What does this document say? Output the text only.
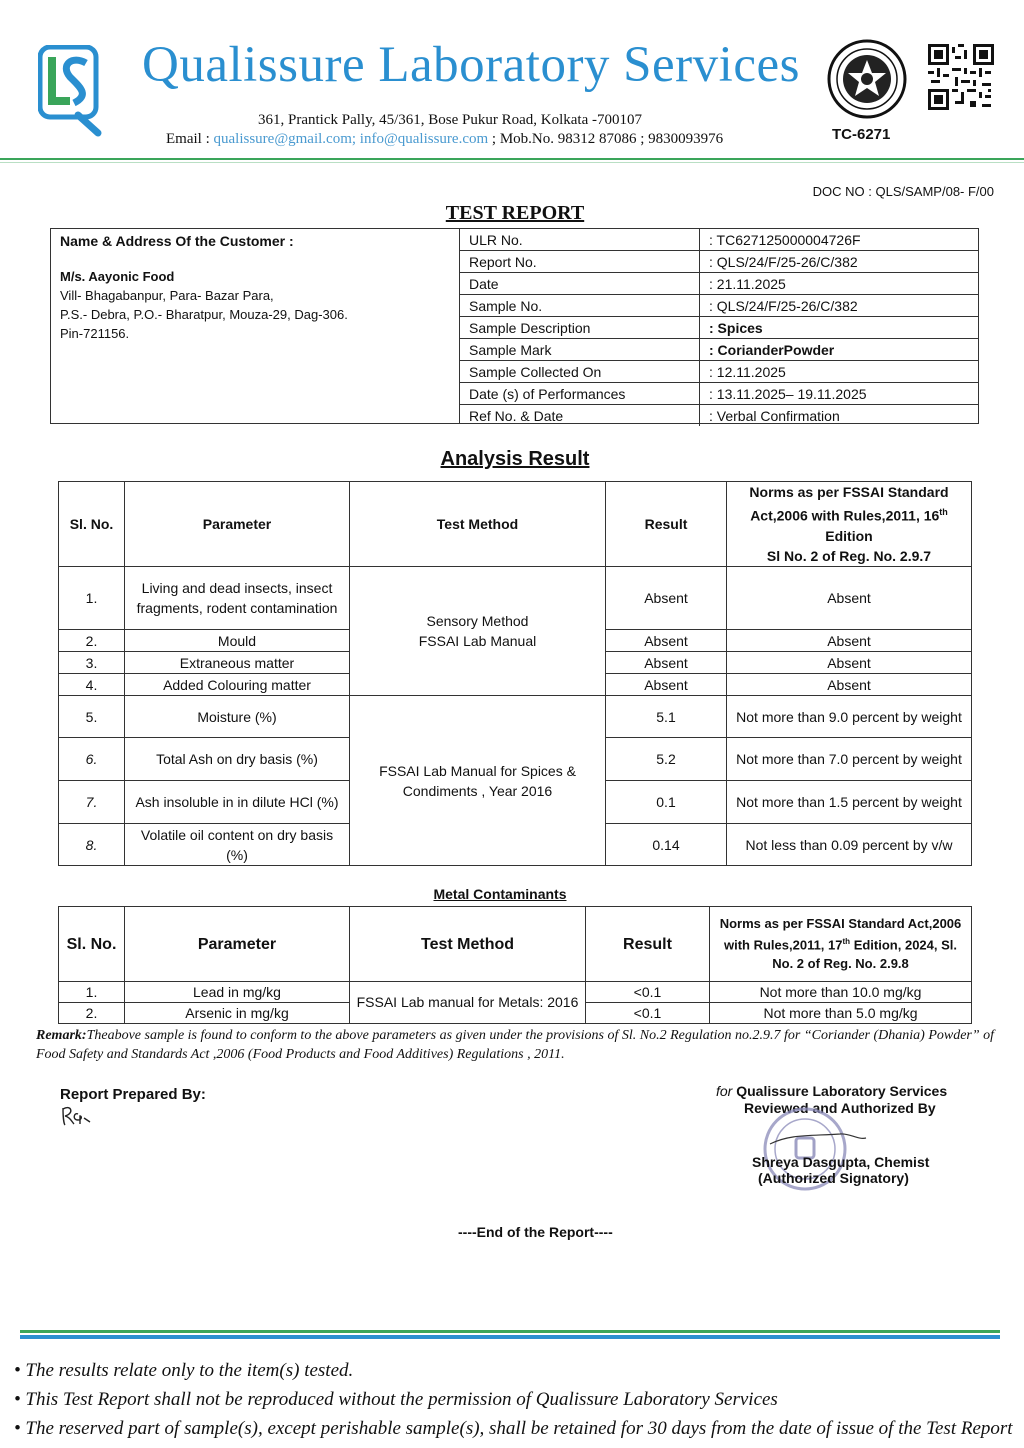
Qualissure Laboratory Services
361, Prantick Pally, 45/361, Bose Pukur Road, Kolkata -700107
Email : qualissure@gmail.com; info@qualissure.com ; Mob.No. 98312 87086 ; 9830093976	TC-6271
DOC NO : QLS/SAMP/08- F/00
TEST REPORT
Name & Address Of the Customer :
M/s. Aayonic Food
Vill- Bhagabanpur, Para- Bazar Para,
P.S.- Debra, P.O.- Bharatpur, Mouza-29, Dag-306.
Pin-721156.
ULR No.	: TC627125000004726F
Report No.	: QLS/24/F/25-26/C/382
Date	: 21.11.2025
Sample No.	: QLS/24/F/25-26/C/382
Sample Description	: Spices
Sample Mark	: CorianderPowder
Sample Collected On	: 12.11.2025
Date (s) of Performances	: 13.11.2025– 19.11.2025
Ref No. & Date	: Verbal Confirmation
Analysis Result
Sl. No.	Parameter	Test Method	Result	Norms as per FSSAI Standard Act,2006 with Rules,2011, 16th
Edition
Sl No. 2 of Reg. No. 2.9.7
1.	Living and dead insects, insect fragments, rodent contamination	Sensory Method
FSSAI Lab Manual	Absent	Absent
2.	Mould		Absent	Absent
3.	Extraneous matter		Absent	Absent
4.	Added Colouring matter		Absent	Absent
5.	Moisture (%)	FSSAI Lab Manual for Spices & Condiments , Year 2016	5.1	Not more than 9.0 percent by weight
6.	Total Ash on dry basis (%)		5.2	Not more than 7.0 percent by weight
7.	Ash insoluble in in dilute HCl (%)		0.1	Not more than 1.5 percent by weight
8.	Volatile oil content on dry basis (%)		0.14	Not less than 0.09 percent by v/w
Metal Contaminants
Sl. No.	Parameter	Test Method	Result	Norms as per FSSAI Standard Act,2006 with Rules,2011, 17th Edition, 2024, Sl. No. 2 of Reg. No. 2.9.8
1.	Lead in mg/kg	FSSAI Lab manual for Metals: 2016	<0.1	Not more than 10.0 mg/kg
2.	Arsenic in mg/kg		<0.1	Not more than 5.0 mg/kg
Remark:Theabove sample is found to conform to the above parameters as given under the provisions of Sl. No.2 Regulation no.2.9.7 for “Coriander (Dhania) Powder” of Food Safety and Standards Act ,2006 (Food Products and Food Additives) Regulations , 2011.
Report Prepared By:	for Qualissure Laboratory Services
Reviewed and Authorized By
Shreya Dasgupta, Chemist
(Authorized Signatory)
----End of the Report----
• The results relate only to the item(s) tested.
• This Test Report shall not be reproduced without the permission of Qualissure Laboratory Services
• The reserved part of sample(s), except perishable sample(s), shall be retained for 30 days from the date of issue of the Test Report
